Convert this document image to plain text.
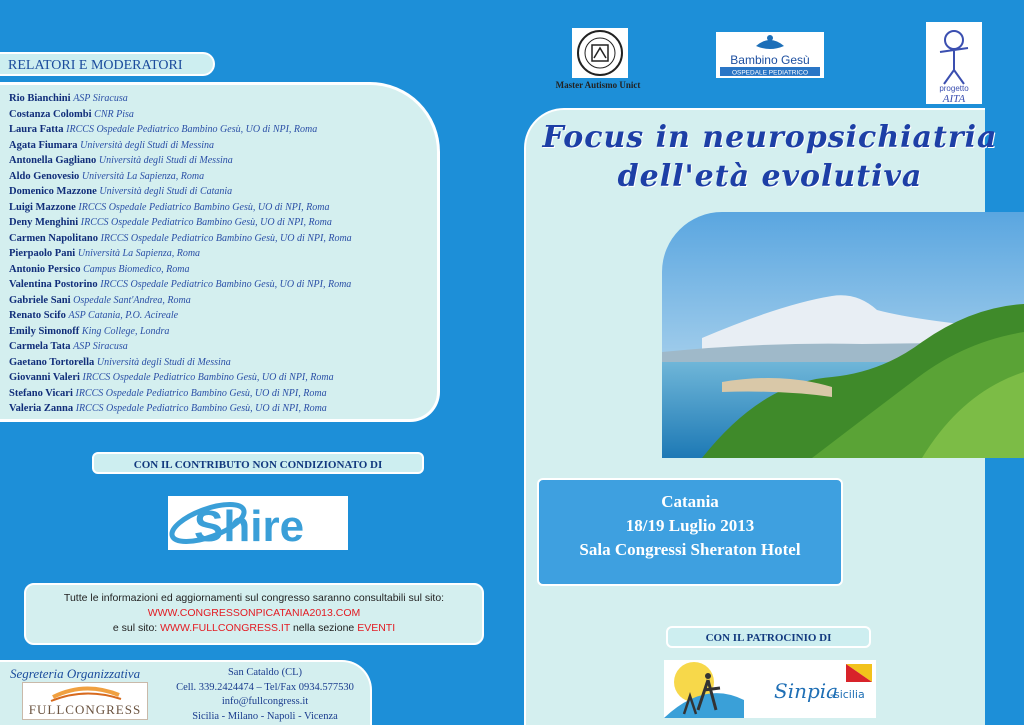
RELATORI E MODERATORI
Rio Bianchini ASP Siracusa
Costanza Colombi CNR Pisa
Laura Fatta IRCCS Ospedale Pediatrico Bambino Gesù, UO di NPI, Roma
Agata Fiumara Università degli Studi di Messina
Antonella Gagliano Università degli Studi di Messina
Aldo Genovesio Università La Sapienza, Roma
Domenico Mazzone Università degli Studi di Catania
Luigi Mazzone IRCCS Ospedale Pediatrico Bambino Gesù, UO di NPI, Roma
Deny Menghini IRCCS Ospedale Pediatrico Bambino Gesù, UO di NPI, Roma
Carmen Napolitano IRCCS Ospedale Pediatrico Bambino Gesù, UO di NPI, Roma
Pierpaolo Pani Università La Sapienza, Roma
Antonio Persico Campus Biomedico, Roma
Valentina Postorino IRCCS Ospedale Pediatrico Bambino Gesù, UO di NPI, Roma
Gabriele Sani Ospedale Sant'Andrea, Roma
Renato Scifo ASP Catania, P.O. Acireale
Emily Simonoff King College, Londra
Carmela Tata ASP Siracusa
Gaetano Tortorella Università degli Studi di Messina
Giovanni Valeri IRCCS Ospedale Pediatrico Bambino Gesù, UO di NPI, Roma
Stefano Vicari IRCCS Ospedale Pediatrico Bambino Gesù, UO di NPI, Roma
Valeria Zanna IRCCS Ospedale Pediatrico Bambino Gesù, UO di NPI, Roma
CON IL CONTRIBUTO NON CONDIZIONATO DI
Shire
Tutte le informazioni ed aggiornamenti sul congresso saranno consultabili sul sito:
WWW.CONGRESSONPICATANIA2013.COM
e sul sito: WWW.FULLCONGRESS.IT nella sezione EVENTI
Segreteria Organizzativa
FULLCONGRESS
San Cataldo (CL)
Cell. 339.2424474 – Tel/Fax 0934.577530
info@fullcongress.it
Sicilia - Milano - Napoli - Vicenza
Master Autismo Unict
Bambino Gesù
OSPEDALE PEDIATRICO
progetto
AITA
Focus in neuropsichiatria
dell'età evolutiva
Catania
18/19 Luglio 2013
Sala Congressi Sheraton Hotel
CON IL PATROCINIO DI
Sinpia
-sicilia
